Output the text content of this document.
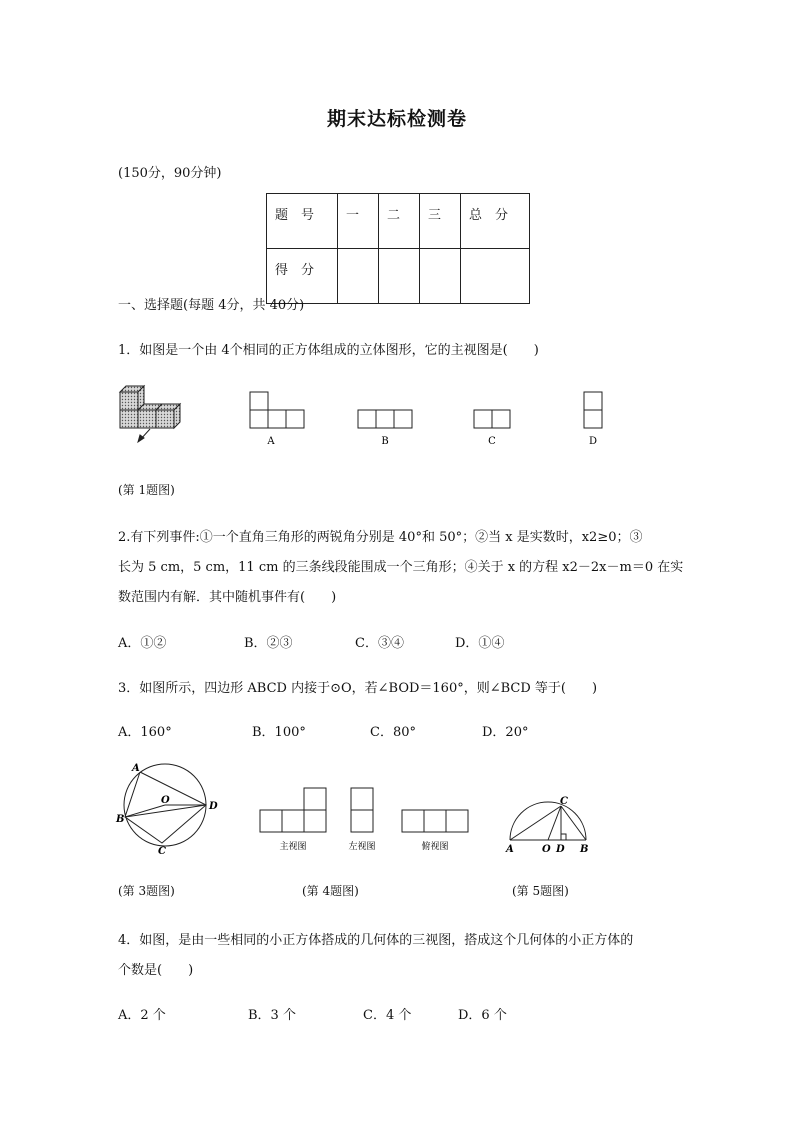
期末达标检测卷
(150分，90分钟)
题　号	一	二	三	总　分
得　分				
一、选择题(每题 4分，共 40分)
1．如图是一个由 4个相同的正方体组成的立体图形，它的主视图是(　　)
A	B	C	D
(第 1题图)
2.有下列事件:①一个直角三角形的两锐角分别是 40°和 50°；②当 x 是实数时，x2≥0；③
长为 5 cm，5 cm，11 cm 的三条线段能围成一个三角形；④关于 x 的方程 x2－2x－m＝0 在实
数范围内有解．其中随机事件有(　　)
A．①②	B．②③	C．③④	D．①④
3．如图所示，四边形 ABCD 内接于⊙O，若∠BOD＝160°，则∠BCD 等于(　　)
A．160°	B．100°	C．80°	D．20°
A
B
C
D
O
主视图	左视图	俯视图	A	O D B
C
(第 3题图)	(第 4题图)	(第 5题图)
4．如图，是由一些相同的小正方体搭成的几何体的三视图，搭成这个几何体的小正方体的
个数是(　　)
A．2 个	B．3 个	C．4 个	D．6 个
